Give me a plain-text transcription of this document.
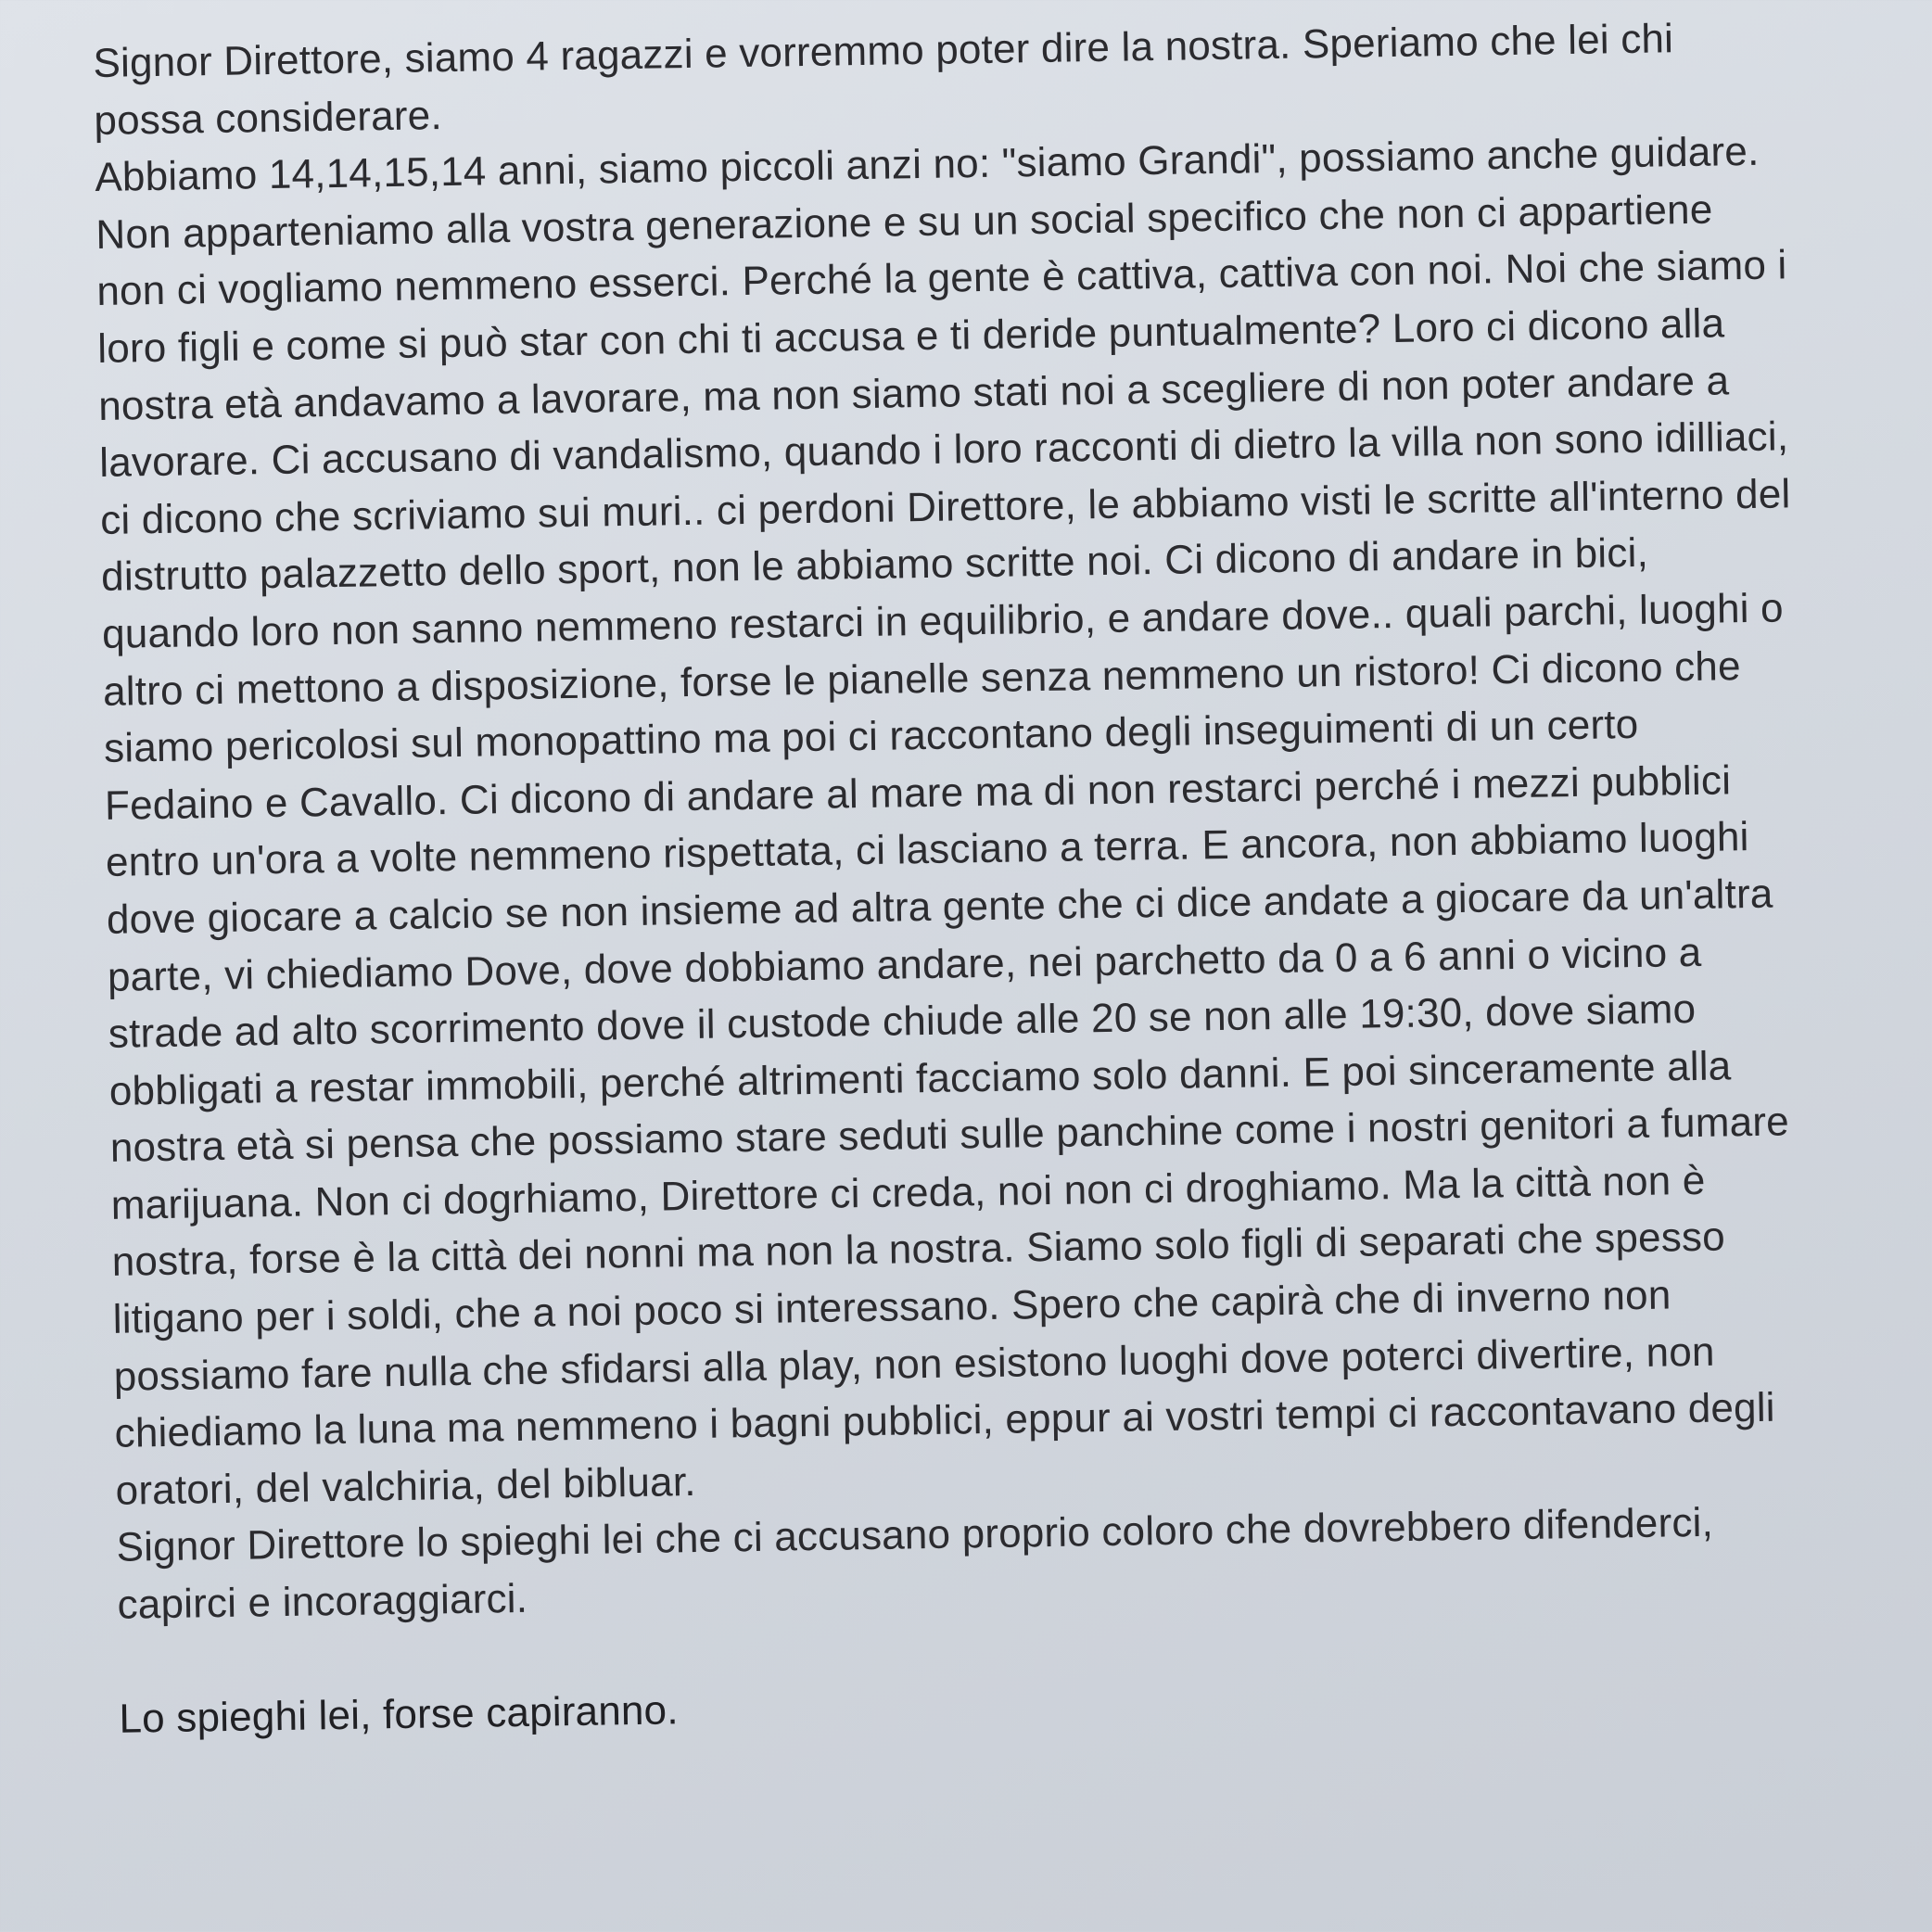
Signor Direttore, siamo 4 ragazzi e vorremmo poter dire la nostra. Speriamo che lei chi

possa considerare.

Abbiamo 14,14,15,14 anni, siamo piccoli anzi no: "siamo Grandi", possiamo anche guidare.

Non apparteniamo alla vostra generazione e su un social specifico che non ci appartiene

non ci vogliamo nemmeno esserci. Perché la gente è cattiva, cattiva con noi. Noi che siamo i

loro figli e come si può star con chi ti accusa e ti deride puntualmente? Loro ci dicono alla

nostra età andavamo a lavorare, ma non siamo stati noi a scegliere di non poter andare a

lavorare. Ci accusano di vandalismo, quando i loro racconti di dietro la villa non sono idilliaci,

ci dicono che scriviamo sui muri.. ci perdoni Direttore, le abbiamo visti le scritte all'interno del

distrutto palazzetto dello sport, non le abbiamo scritte noi. Ci dicono di andare in bici,

quando loro non sanno nemmeno restarci in equilibrio, e andare dove.. quali parchi, luoghi o

altro ci mettono a disposizione, forse le pianelle senza nemmeno un ristoro! Ci dicono che

siamo pericolosi sul monopattino ma poi ci raccontano degli inseguimenti di un certo

Fedaino e Cavallo. Ci dicono di andare al mare ma di non restarci perché i mezzi pubblici

entro un'ora a volte nemmeno rispettata, ci lasciano a terra. E ancora, non abbiamo luoghi

dove giocare a calcio se non insieme ad altra gente che ci dice andate a giocare da un'altra

parte, vi chiediamo Dove, dove dobbiamo andare, nei parchetto da 0 a 6 anni o vicino a

strade ad alto scorrimento dove il custode chiude alle 20 se non alle 19:30, dove siamo

obbligati a restar immobili, perché altrimenti facciamo solo danni. E poi sinceramente alla

nostra età si pensa che possiamo stare seduti sulle panchine come i nostri genitori a fumare

marijuana. Non ci dogrhiamo, Direttore ci creda, noi non ci droghiamo. Ma la città non è

nostra, forse è la città dei nonni ma non la nostra. Siamo solo figli di separati che spesso

litigano per i soldi, che a noi poco si interessano. Spero che capirà che di inverno non

possiamo fare nulla che sfidarsi alla play, non esistono luoghi dove poterci divertire, non

chiediamo la luna ma nemmeno i bagni pubblici, eppur ai vostri tempi ci raccontavano degli

oratori, del valchiria, del bibluar.

Signor Direttore lo spieghi lei che ci accusano proprio coloro che dovrebbero difenderci,

capirci e incoraggiarci.

Lo spieghi lei, forse capiranno.
